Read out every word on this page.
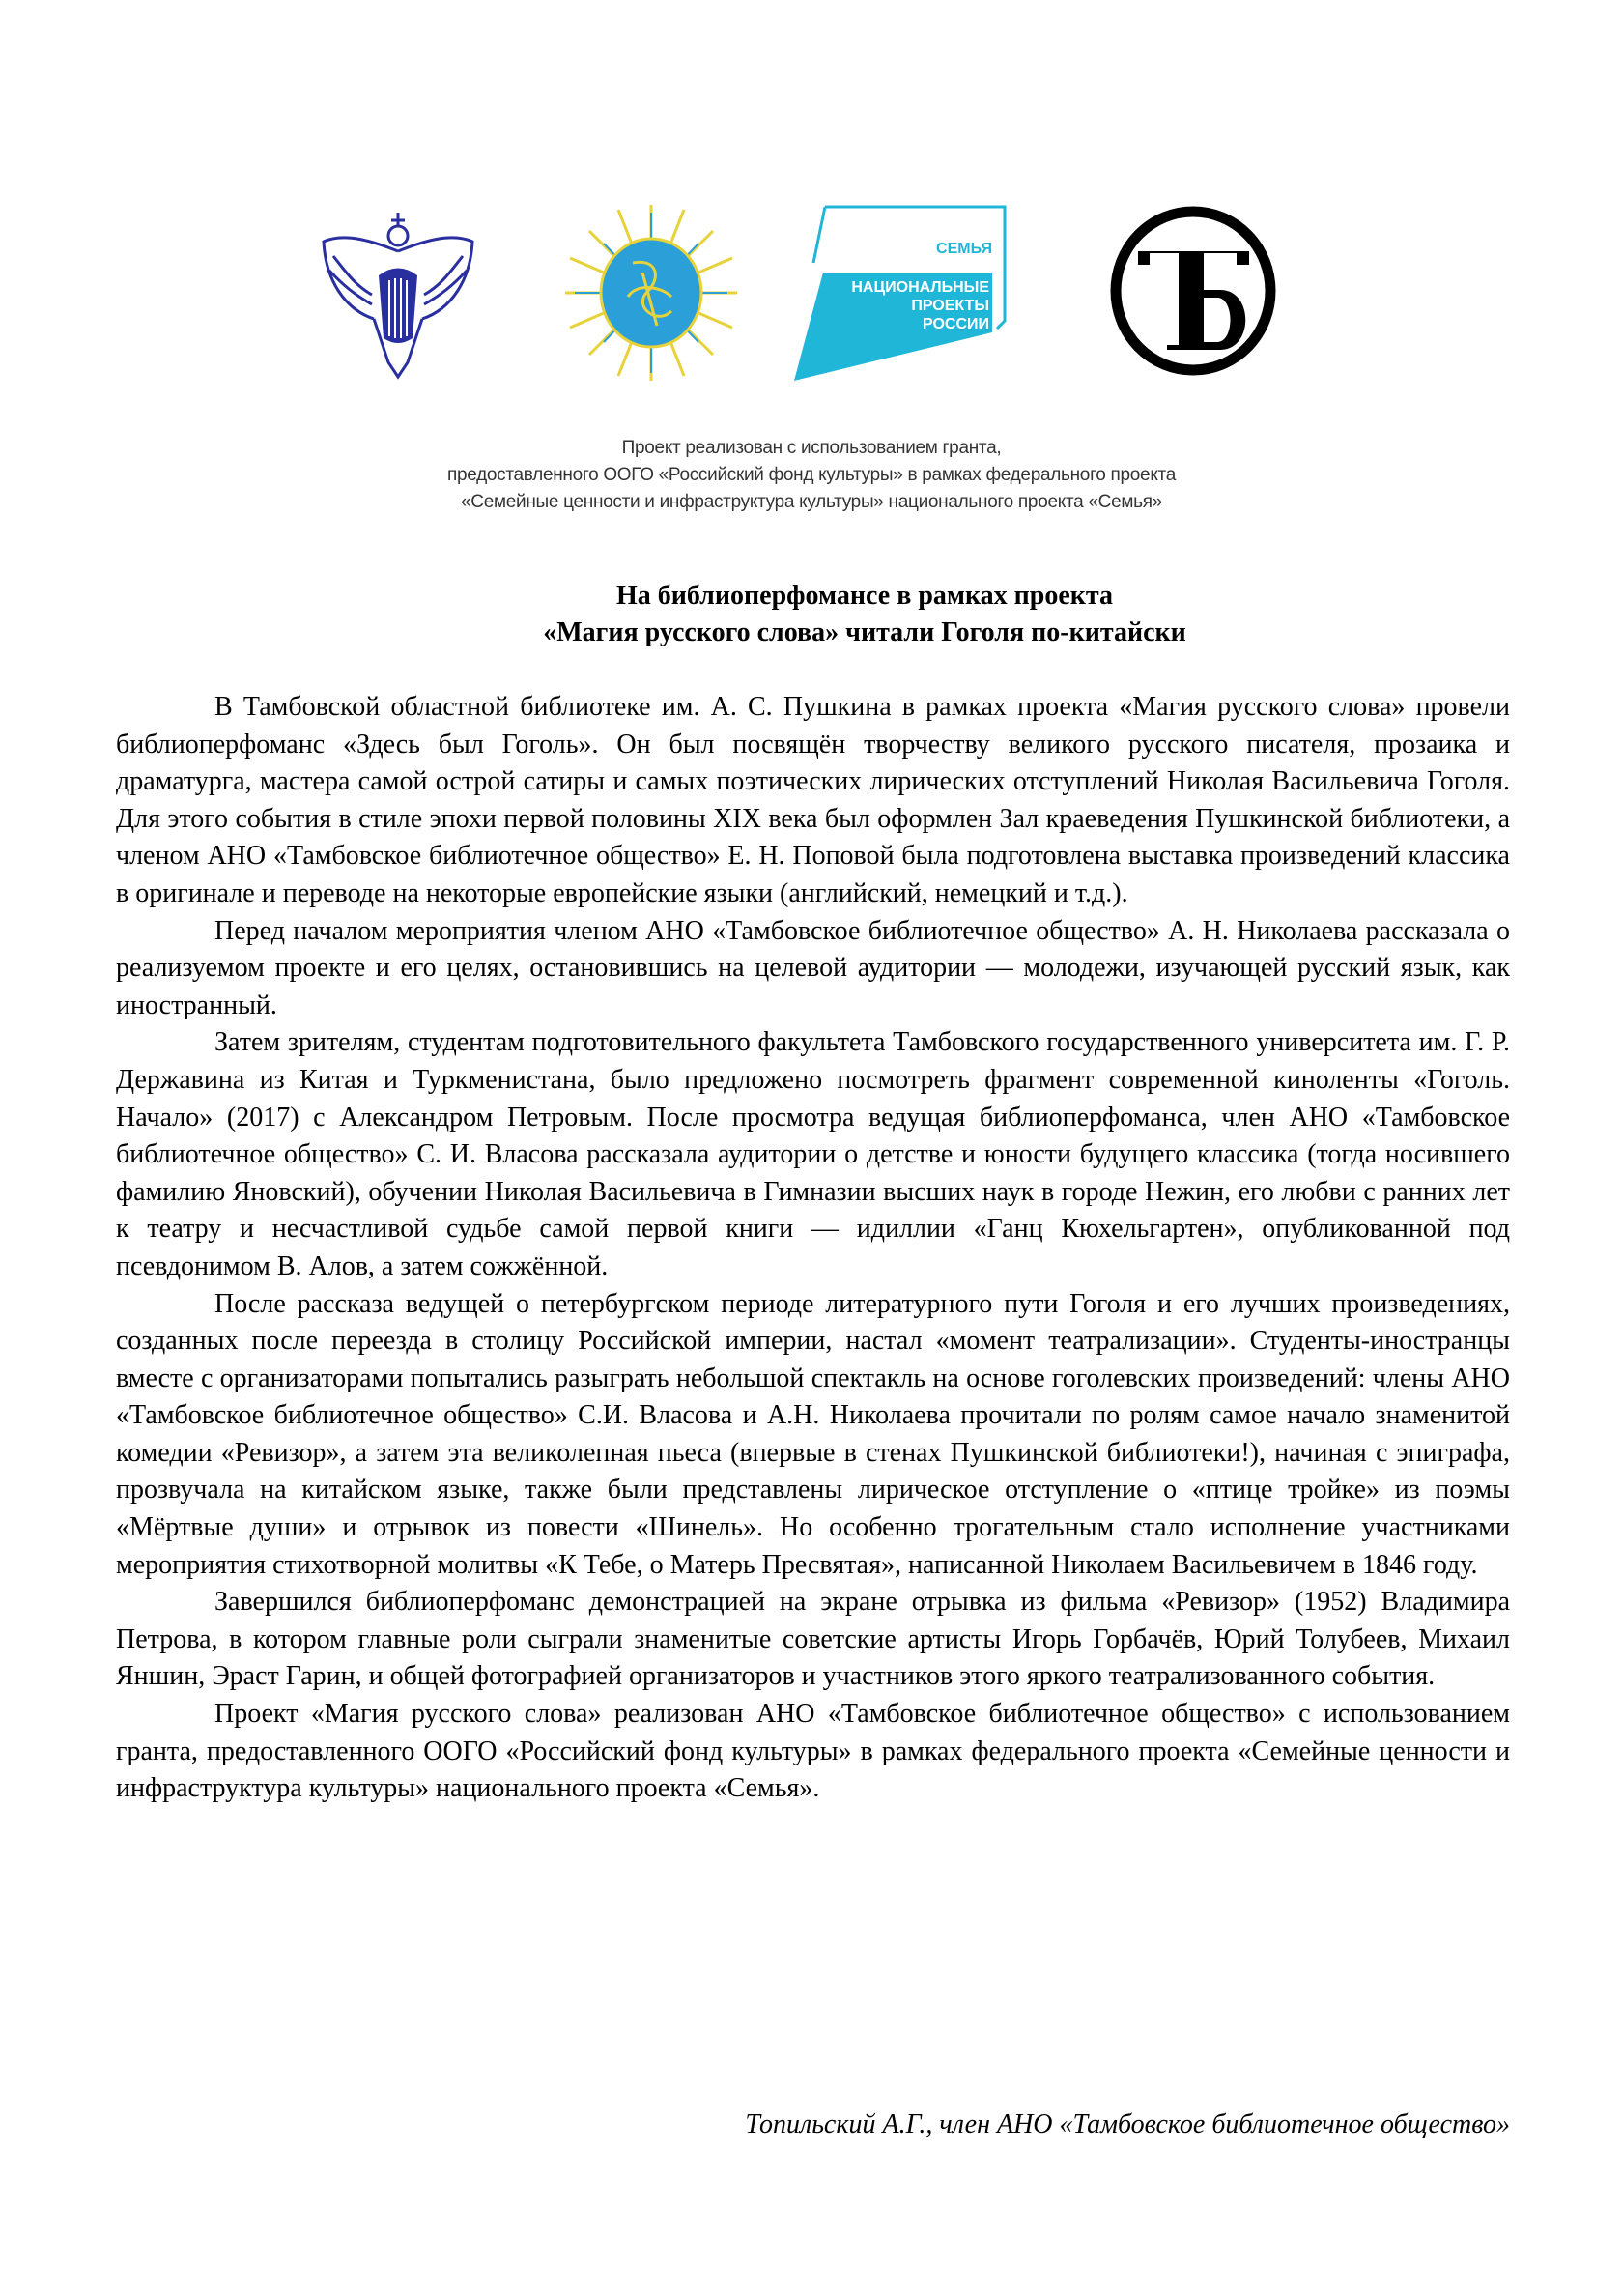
СЕМЬЯ
НАЦИОНАЛЬНЫЕ
ПРОЕКТЫ
РОССИИ
Проект реализован с использованием гранта,
предоставленного ООГО «Российский фонд культуры» в рамках федерального проекта
«Семейные ценности и инфраструктура культуры» национального проекта «Семья»
На библиоперфомансе в рамках проекта
«Магия русского слова» читали Гоголя по-китайски

В Тамбовской областной библиотеке им. А. С. Пушкина в рамках проекта «Магия русского слова» провели библиоперфоманс «Здесь был Гоголь». Он был посвящён творчеству великого русского писателя, прозаика и драматурга, мастера самой острой сатиры и самых поэтических лирических отступлений Николая Васильевича Гоголя. Для этого события в стиле эпохи первой половины XIX века был оформлен Зал краеведения Пушкинской библиотеки, а членом АНО «Тамбовское библиотечное общество» Е. Н. Поповой была подготовлена выставка произведений классика в оригинале и переводе на некоторые европейские языки (английский, немецкий и т.д.).

Перед началом мероприятия членом АНО «Тамбовское библиотечное общество» А. Н. Николаева рассказала о реализуемом проекте и его целях, остановившись на целевой аудитории — молодежи, изучающей русский язык, как иностранный.

Затем зрителям, студентам подготовительного факультета Тамбовского государственного университета им. Г. Р. Державина из Китая и Туркменистана, было предложено посмотреть фрагмент современной киноленты «Гоголь. Начало» (2017) с Александром Петровым. После просмотра ведущая библиоперфоманса, член АНО «Тамбовское библиотечное общество» С. И. Власова рассказала аудитории о детстве и юности будущего классика (тогда носившего фамилию Яновский), обучении Николая Васильевича в Гимназии высших наук в городе Нежин, его любви с ранних лет к театру и несчастливой судьбе самой первой книги — идиллии «Ганц Кюхельгартен», опубликованной под псевдонимом В. Алов, а затем сожжённой.

После рассказа ведущей о петербургском периоде литературного пути Гоголя и его лучших произведениях, созданных после переезда в столицу Российской империи, настал «момент театрализации». Студенты-иностранцы вместе с организаторами попытались разыграть небольшой спектакль на основе гоголевских произведений: члены АНО «Тамбовское библиотечное общество» С.И. Власова и А.Н. Николаева прочитали по ролям самое начало знаменитой комедии «Ревизор», а затем эта великолепная пьеса (впервые в стенах Пушкинской библиотеки!), начиная с эпиграфа, прозвучала на китайском языке, также были представлены лирическое отступление о «птице тройке» из поэмы «Мёртвые души» и отрывок из повести «Шинель». Но особенно трогательным стало исполнение участниками мероприятия стихотворной молитвы «К Тебе, о Матерь Пресвятая», написанной Николаем Васильевичем в 1846 году.

Завершился библиоперфоманс демонстрацией на экране отрывка из фильма «Ревизор» (1952) Владимира Петрова, в котором главные роли сыграли знаменитые советские артисты Игорь Горбачёв, Юрий Толубеев, Михаил Яншин, Эраст Гарин, и общей фотографией организаторов и участников этого яркого театрализованного события.

Проект «Магия русского слова» реализован АНО «Тамбовское библиотечное общество» с использованием гранта, предоставленного ООГО «Российский фонд культуры» в рамках федерального проекта «Семейные ценности и инфраструктура культуры» национального проекта «Семья».

Топильский А.Г., член АНО «Тамбовское библиотечное общество»
